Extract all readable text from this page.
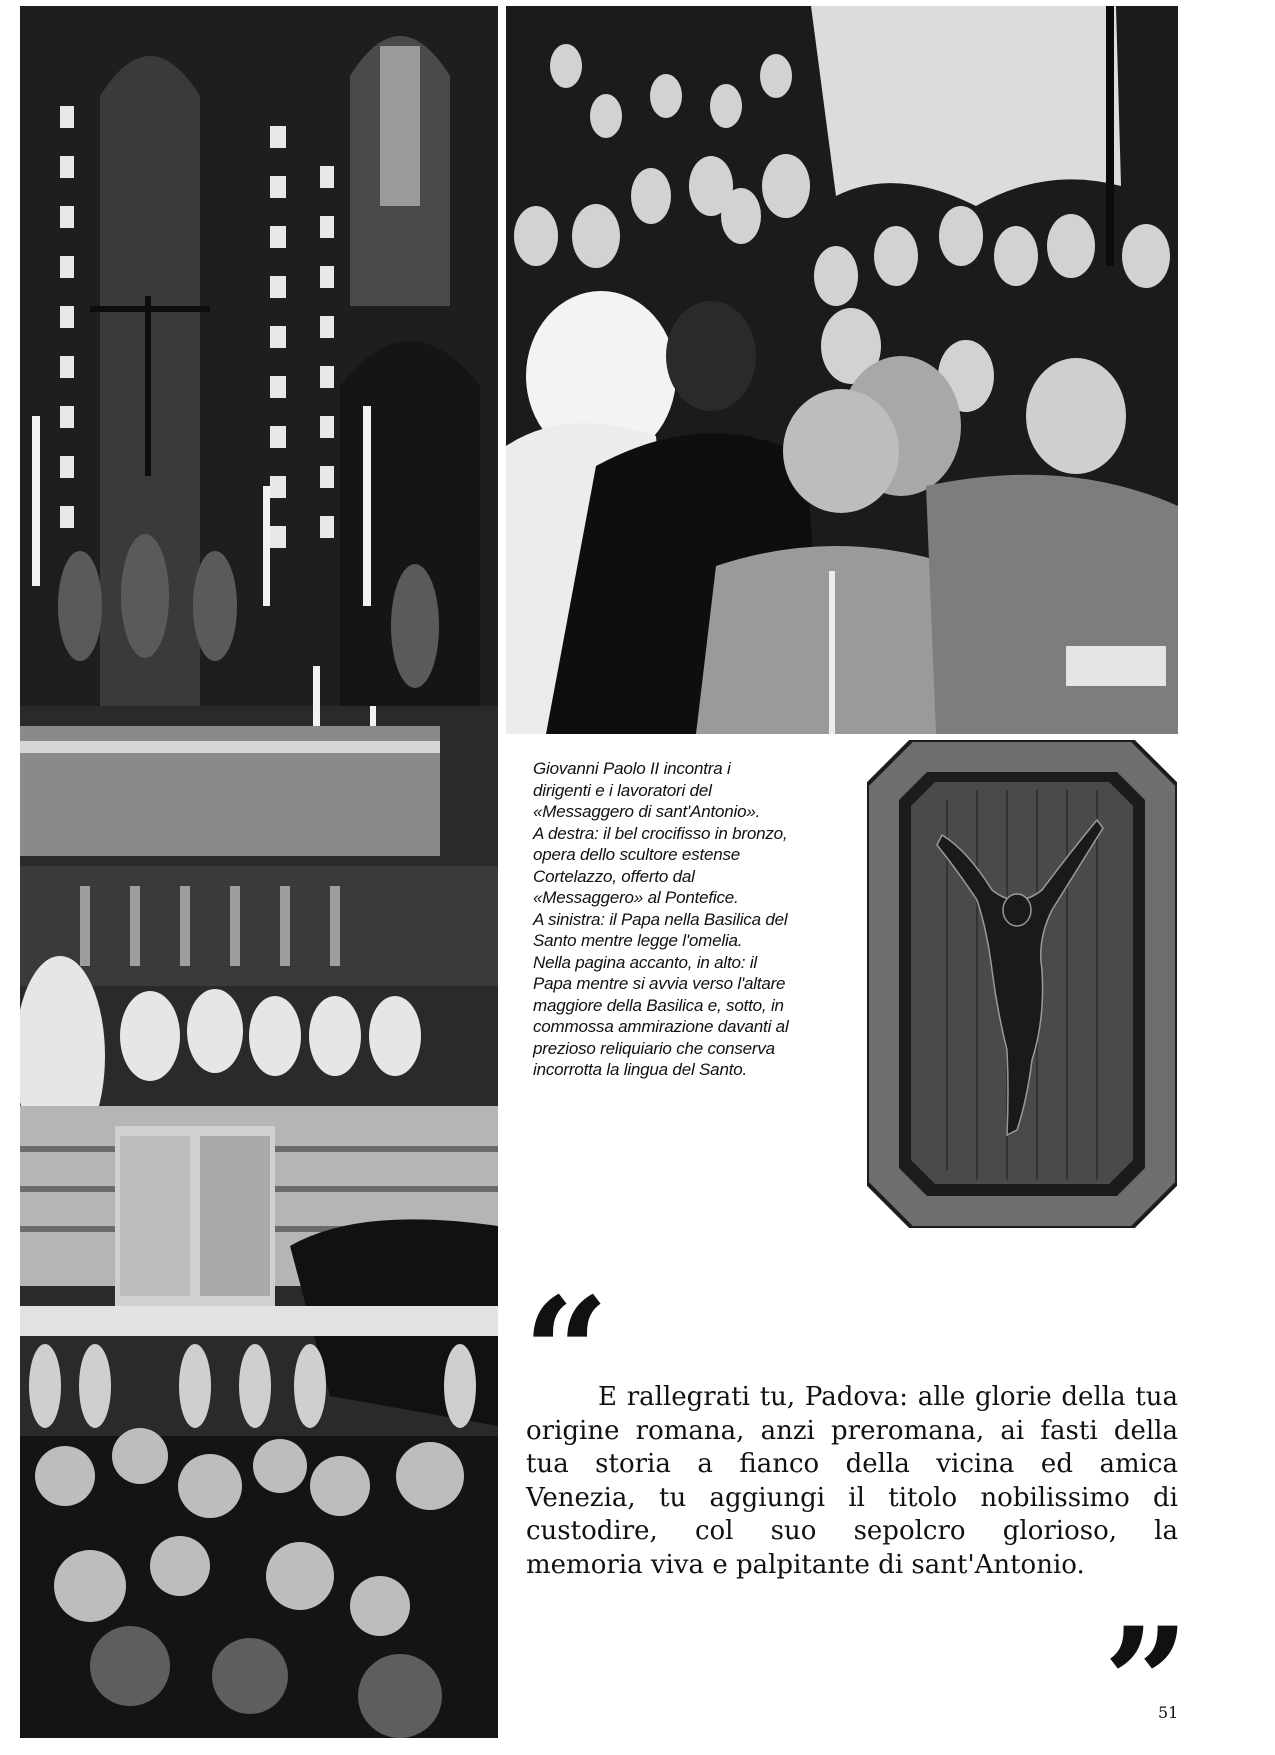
Giovanni Paolo II incontra i
dirigenti e i lavoratori del
«Messaggero di sant'Antonio».
A destra: il bel crocifisso in bronzo,
opera dello scultore estense
Cortelazzo, offerto dal
«Messaggero» al Pontefice.
A sinistra: il Papa nella Basilica del
Santo mentre legge l'omelia.
Nella pagina accanto, in alto: il
Papa mentre si avvia verso l'altare
maggiore della Basilica e, sotto, in
commossa ammirazione davanti al
prezioso reliquiario che conserva
incorrotta la lingua del Santo.

E rallegrati tu, Padova: alle glorie della tua
origine romana, anzi preromana, ai fasti della
tua storia a fianco della vicina ed amica
Venezia, tu aggiungi il titolo nobilissimo di
custodire, col suo sepolcro glorioso, la
memoria viva e palpitante di sant'Antonio.

51
